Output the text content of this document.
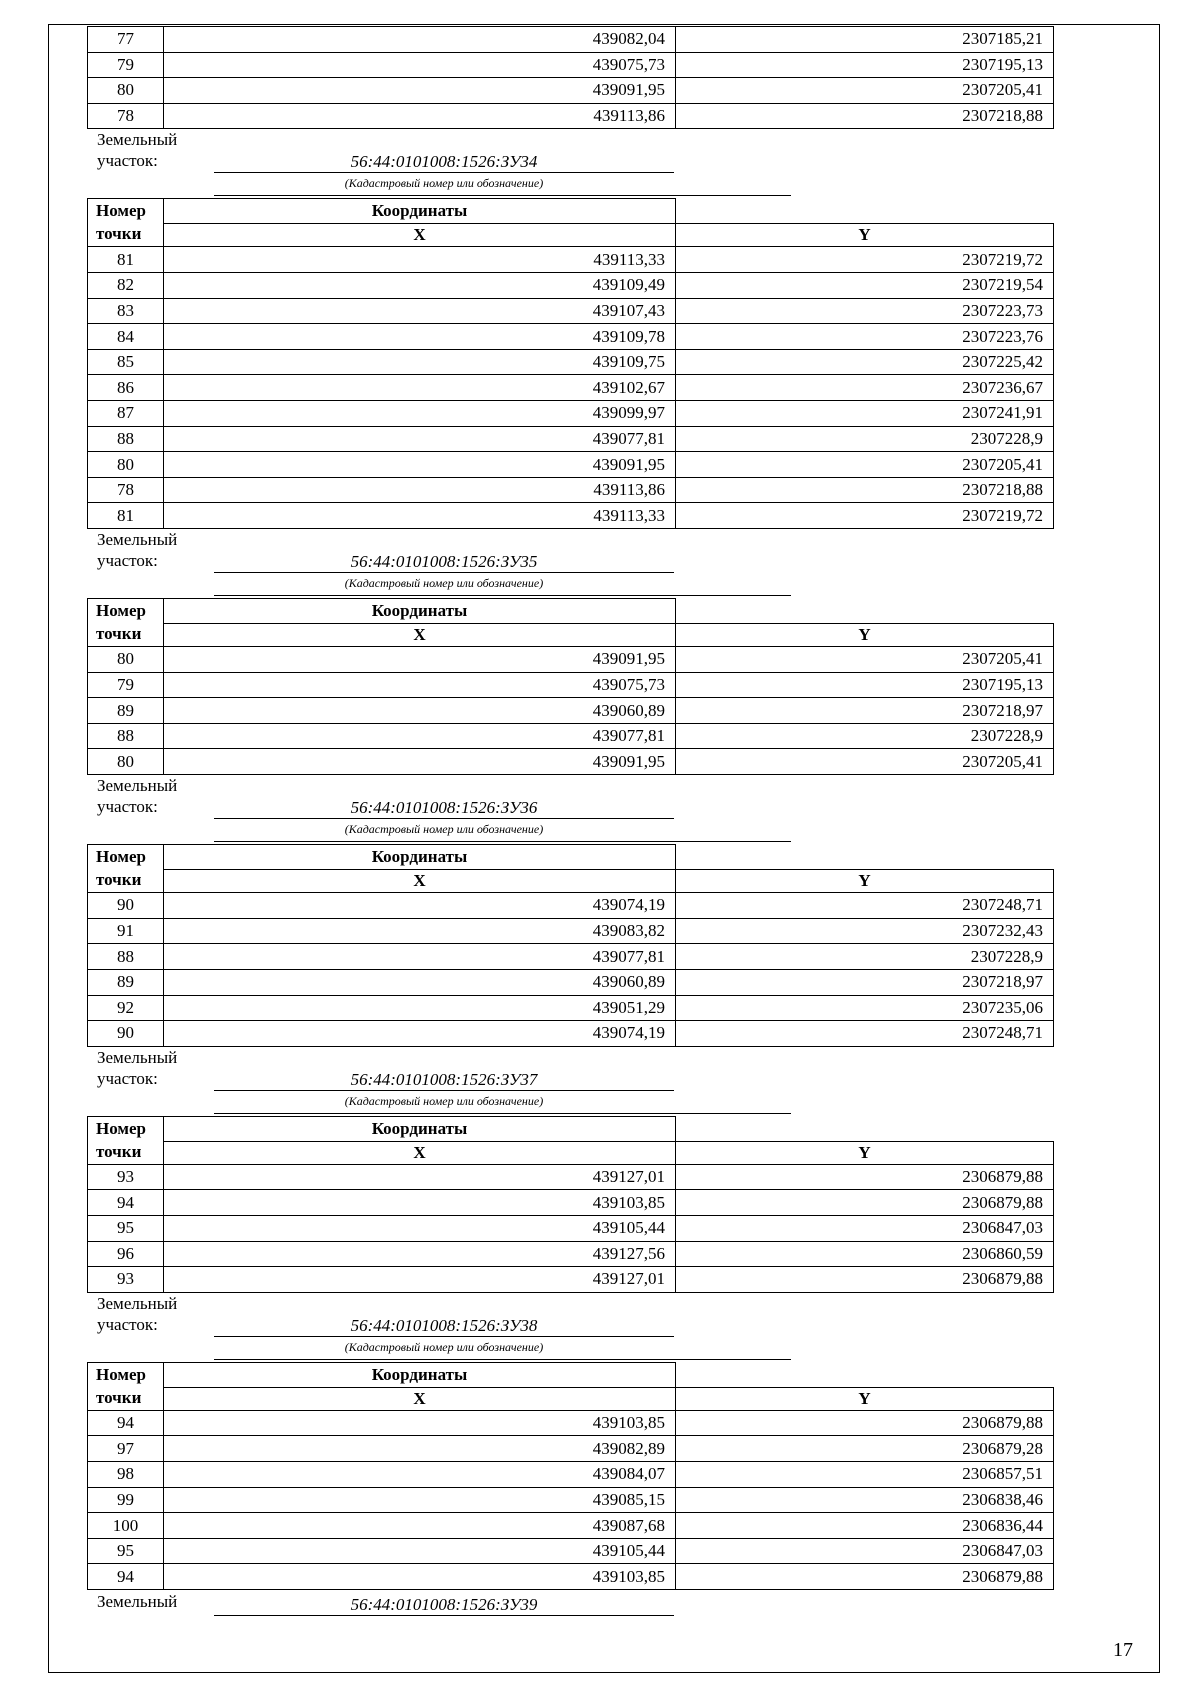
77	439082,04	2307185,21
79	439075,73	2307195,13
80	439091,95	2307205,41
78	439113,86	2307218,88
Земельный
участок:	56:44:0101008:1526:ЗУ34
(Кадастровый номер или обозначение)
Номер
точки	Координаты	
	X	Y
81	439113,33	2307219,72
82	439109,49	2307219,54
83	439107,43	2307223,73
84	439109,78	2307223,76
85	439109,75	2307225,42
86	439102,67	2307236,67
87	439099,97	2307241,91
88	439077,81	2307228,9
80	439091,95	2307205,41
78	439113,86	2307218,88
81	439113,33	2307219,72
Земельный
участок:	56:44:0101008:1526:ЗУ35
(Кадастровый номер или обозначение)
Номер
точки	Координаты	
	X	Y
80	439091,95	2307205,41
79	439075,73	2307195,13
89	439060,89	2307218,97
88	439077,81	2307228,9
80	439091,95	2307205,41
Земельный
участок:	56:44:0101008:1526:ЗУ36
(Кадастровый номер или обозначение)
Номер
точки	Координаты	
	X	Y
90	439074,19	2307248,71
91	439083,82	2307232,43
88	439077,81	2307228,9
89	439060,89	2307218,97
92	439051,29	2307235,06
90	439074,19	2307248,71
Земельный
участок:	56:44:0101008:1526:ЗУ37
(Кадастровый номер или обозначение)
Номер
точки	Координаты	
	X	Y
93	439127,01	2306879,88
94	439103,85	2306879,88
95	439105,44	2306847,03
96	439127,56	2306860,59
93	439127,01	2306879,88
Земельный
участок:	56:44:0101008:1526:ЗУ38
(Кадастровый номер или обозначение)
Номер
точки	Координаты	
	X	Y
94	439103,85	2306879,88
97	439082,89	2306879,28
98	439084,07	2306857,51
99	439085,15	2306838,46
100	439087,68	2306836,44
95	439105,44	2306847,03
94	439103,85	2306879,88
Земельный	56:44:0101008:1526:ЗУ39
17
